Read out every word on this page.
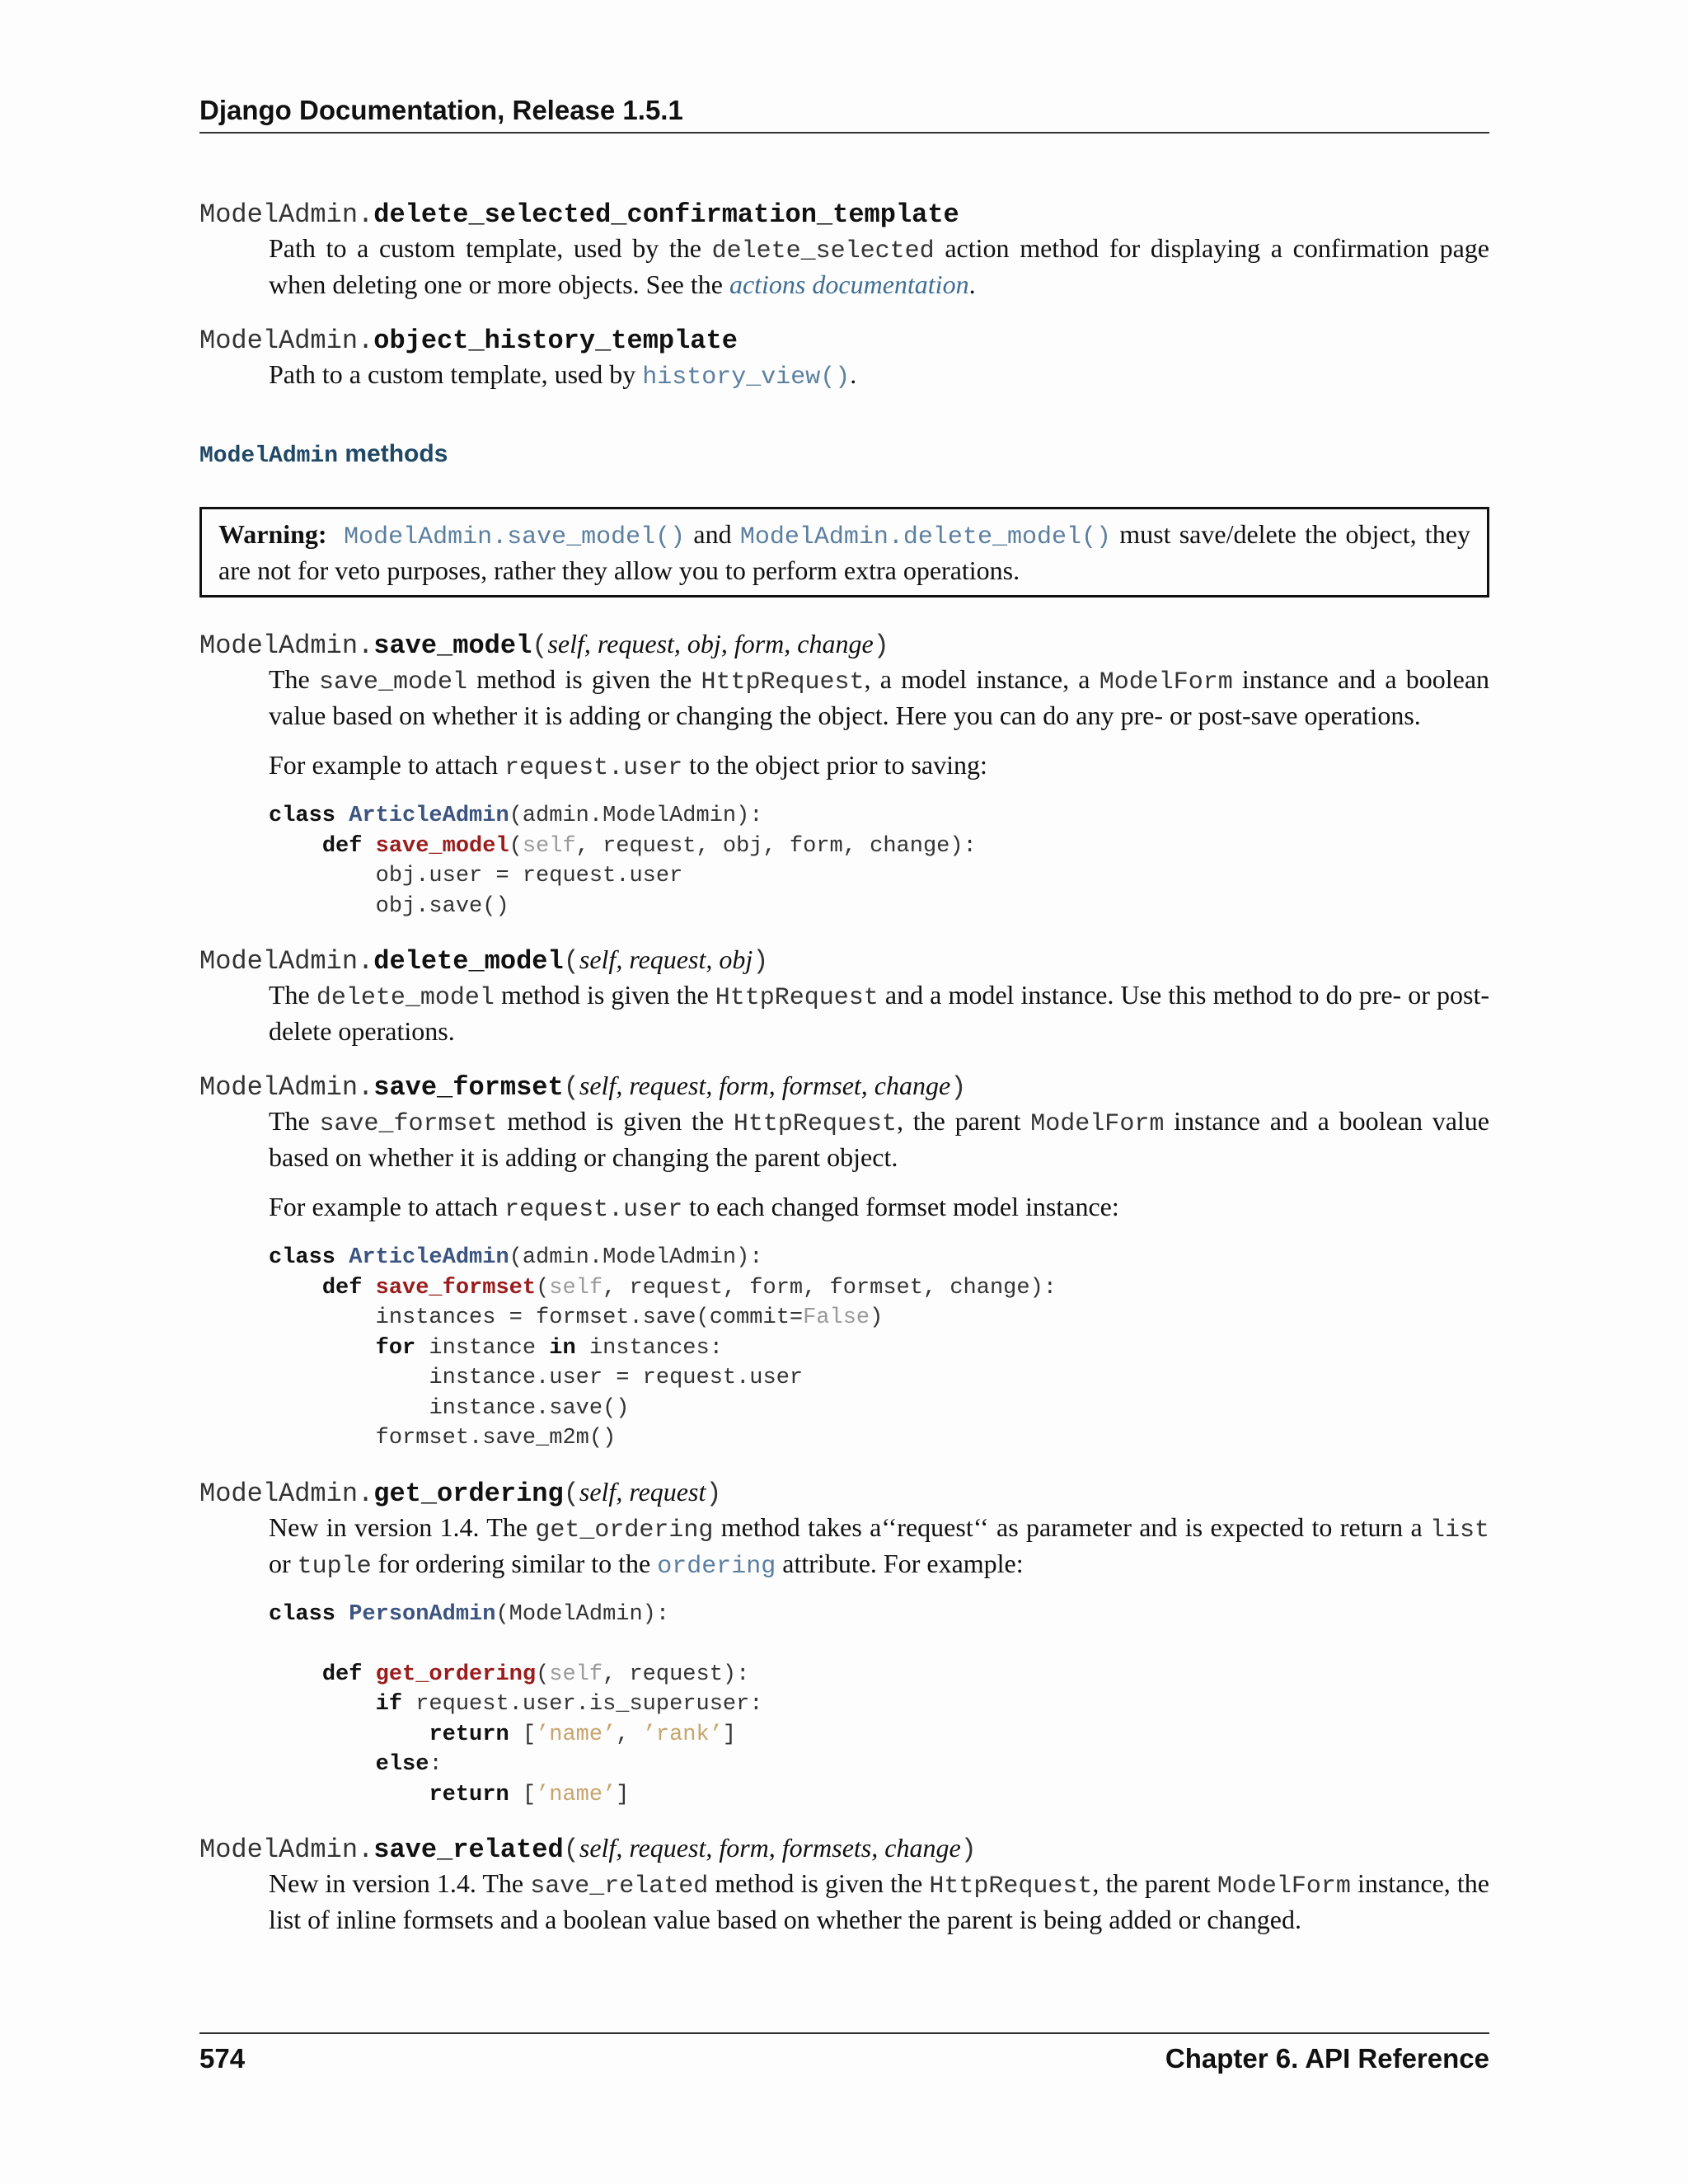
Django Documentation, Release 1.5.1
ModelAdmin.delete_selected_confirmation_template

Path to a custom template, used by the delete_selected action method for displaying a confirmation page when deleting one or more objects. See the actions documentation.

ModelAdmin.object_history_template

Path to a custom template, used by history_view().

ModelAdmin methods
Warning: ModelAdmin.save_model() and ModelAdmin.delete_model() must save/delete the object, they are not for veto purposes, rather they allow you to perform extra operations.
ModelAdmin.save_model(self, request, obj, form, change)

The save_model method is given the HttpRequest, a model instance, a ModelForm instance and a boolean value based on whether it is adding or changing the object. Here you can do any pre- or post-save operations.

For example to attach request.user to the object prior to saving:

class ArticleAdmin(admin.ModelAdmin):
def save_model(self, request, obj, form, change):
obj.user = request.user
obj.save()
ModelAdmin.delete_model(self, request, obj)

The delete_model method is given the HttpRequest and a model instance. Use this method to do pre- or post-delete operations.

ModelAdmin.save_formset(self, request, form, formset, change)

The save_formset method is given the HttpRequest, the parent ModelForm instance and a boolean value based on whether it is adding or changing the parent object.

For example to attach request.user to each changed formset model instance:

class ArticleAdmin(admin.ModelAdmin):
def save_formset(self, request, form, formset, change):
instances = formset.save(commit=False)
for instance in instances:
instance.user = request.user
instance.save()
formset.save_m2m()
ModelAdmin.get_ordering(self, request)

New in version 1.4. The get_ordering method takes a‘‘request‘‘ as parameter and is expected to return a list or tuple for ordering similar to the ordering attribute. For example:

class PersonAdmin(ModelAdmin):

def get_ordering(self, request):
if request.user.is_superuser:
return [’name’, ’rank’]
else:
return [’name’]
ModelAdmin.save_related(self, request, form, formsets, change)

New in version 1.4. The save_related method is given the HttpRequest, the parent ModelForm instance, the list of inline formsets and a boolean value based on whether the parent is being added or changed.

574	Chapter 6. API Reference
